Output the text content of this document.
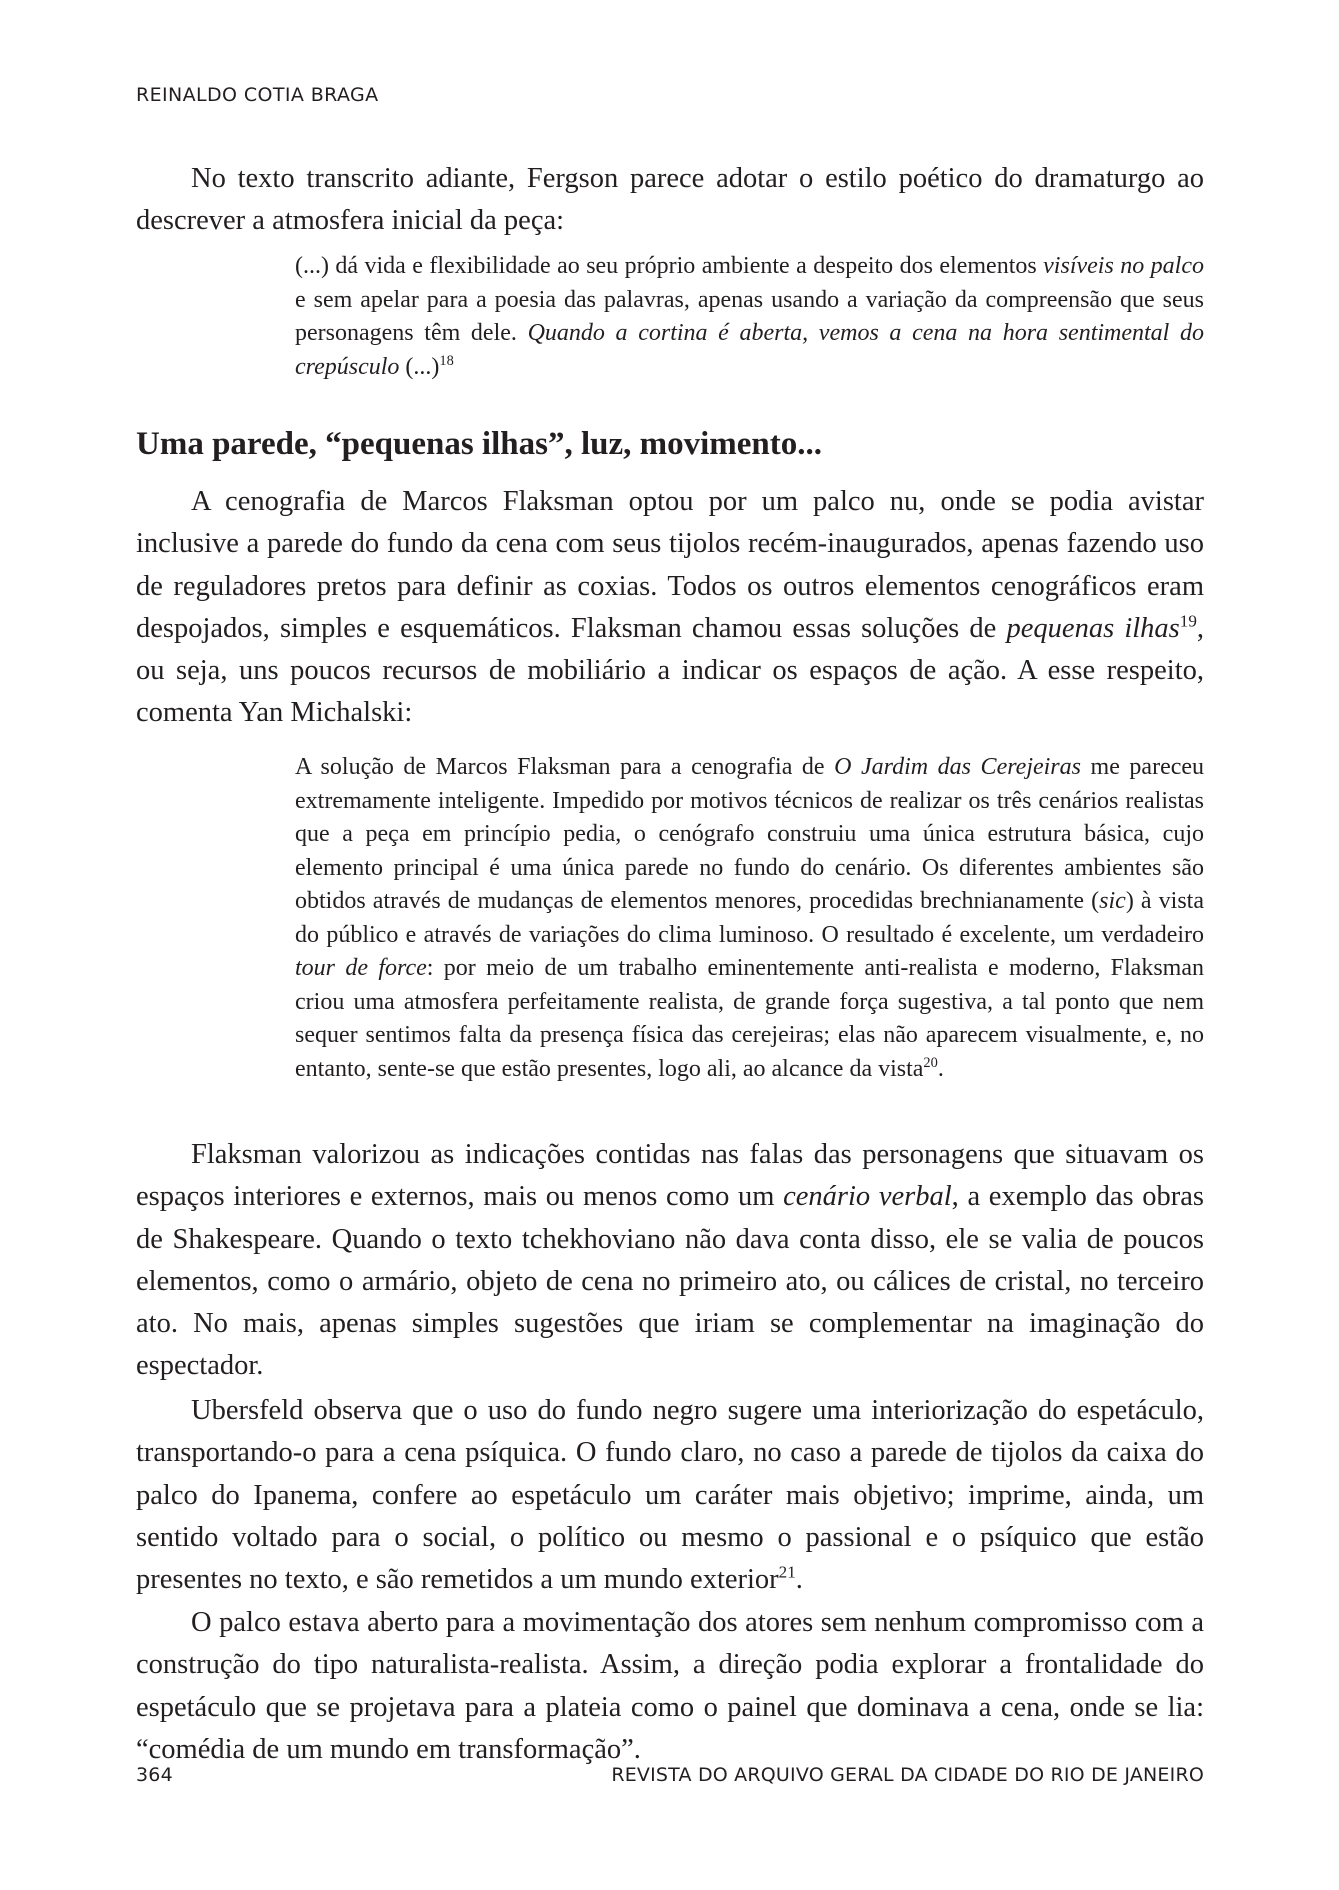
REINALDO COTIA BRAGA

No texto transcrito adiante, Fergson parece adotar o estilo poético do dramaturgo ao descrever a atmosfera inicial da peça:

(...) dá vida e flexibilidade ao seu próprio ambiente a despeito dos elementos visíveis no palco e sem apelar para a poesia das palavras, apenas usando a variação da compreensão que seus personagens têm dele. Quando a cortina é aberta, vemos a cena na hora sentimental do crepúsculo (...)$^{18}$

Uma parede, “pequenas ilhas”, luz, movimento...

A cenografia de Marcos Flaksman optou por um palco nu, onde se podia avistar inclusive a parede do fundo da cena com seus tijolos recém-inaugurados, apenas fazendo uso de reguladores pretos para definir as coxias. Todos os outros elementos cenográficos eram despojados, simples e esquemáticos. Flaksman chamou essas soluções de pequenas ilhas$^{19}$, ou seja, uns poucos recursos de mobiliário a indicar os espaços de ação. A esse respeito, comenta Yan Michalski:

A solução de Marcos Flaksman para a cenografia de O Jardim das Cerejeiras me pareceu extremamente inteligente. Impedido por motivos técnicos de realizar os três cenários realistas que a peça em princípio pedia, o cenógrafo construiu uma única estrutura básica, cujo elemento principal é uma única parede no fundo do cenário. Os diferentes ambientes são obtidos através de mudanças de elementos menores, procedidas brechnianamente (sic) à vista do público e através de variações do clima luminoso. O resultado é excelente, um verdadeiro tour de force: por meio de um trabalho eminentemente anti-realista e moderno, Flaksman criou uma atmosfera perfeitamente realista, de grande força sugestiva, a tal ponto que nem sequer sentimos falta da presença física das cerejeiras; elas não aparecem visualmente, e, no entanto, sente-se que estão presentes, logo ali, ao alcance da vista$^{20}$.

Flaksman valorizou as indicações contidas nas falas das personagens que situavam os espaços interiores e externos, mais ou menos como um cenário verbal, a exemplo das obras de Shakespeare. Quando o texto tchekhoviano não dava conta disso, ele se valia de poucos elementos, como o armário, objeto de cena no primeiro ato, ou cálices de cristal, no terceiro ato. No mais, apenas simples sugestões que iriam se complementar na imaginação do espectador.

Ubersfeld observa que o uso do fundo negro sugere uma interiorização do espetáculo, transportando-o para a cena psíquica. O fundo claro, no caso a parede de tijolos da caixa do palco do Ipanema, confere ao espetáculo um caráter mais objetivo; imprime, ainda, um sentido voltado para o social, o político ou mesmo o passional e o psíquico que estão presentes no texto, e são remetidos a um mundo exterior$^{21}$.

O palco estava aberto para a movimentação dos atores sem nenhum compromisso com a construção do tipo naturalista-realista. Assim, a direção podia explorar a frontalidade do espetáculo que se projetava para a plateia como o painel que dominava a cena, onde se lia: “comédia de um mundo em transformação”.

364	REVISTA DO ARQUIVO GERAL DA CIDADE DO RIO DE JANEIRO
